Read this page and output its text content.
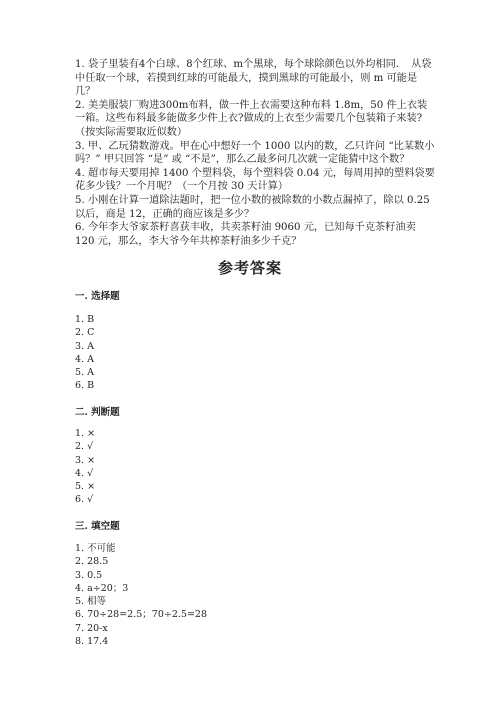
1. 袋子里装有4个白球、8个红球、m个黑球，每个球除颜色以外均相同．　从袋中任取一个球，若摸到红球的可能最大，摸到黑球的可能最小，则 m 可能是几？

2. 美美服装厂购进300m布料，做一件上衣需要这种布料 1.8m，50 件上衣装一箱。这些布料最多能做多少件上衣?做成的上衣至少需要几个包装箱子来装?（按实际需要取近似数）

3. 甲、乙玩猜数游戏。甲在心中想好一个 1000 以内的数，乙只许问 “比某数小吗？” 甲只回答 “是” 或 “不是”，那么乙最多问几次就一定能猜中这个数？

4. 超市每天要用掉 1400 个塑料袋，每个塑料袋 0.04 元，每周用掉的塑料袋要花多少钱？一个月呢？（一个月按 30 天计算）

5. 小刚在计算一道除法题时，把一位小数的被除数的小数点漏掉了，除以 0.25 以后，商是 12，正确的商应该是多少？

6. 今年李大爷家茶籽喜获丰收，共卖茶籽油 9060 元，已知每千克茶籽油卖 120 元，那么，李大爷今年共榨茶籽油多少千克？

参考答案
一. 选择题
1. B
2. C
3. A
4. A
5. A
6. B
二. 判断题
1. ×
2. √
3. ×
4. √
5. ×
6. √
三. 填空题
1. 不可能
2. 28.5
3. 0.5
4. a÷20；3
5. 相等
6. 70÷28=2.5；70÷2.5=28
7. 20-x
8. 17.4
